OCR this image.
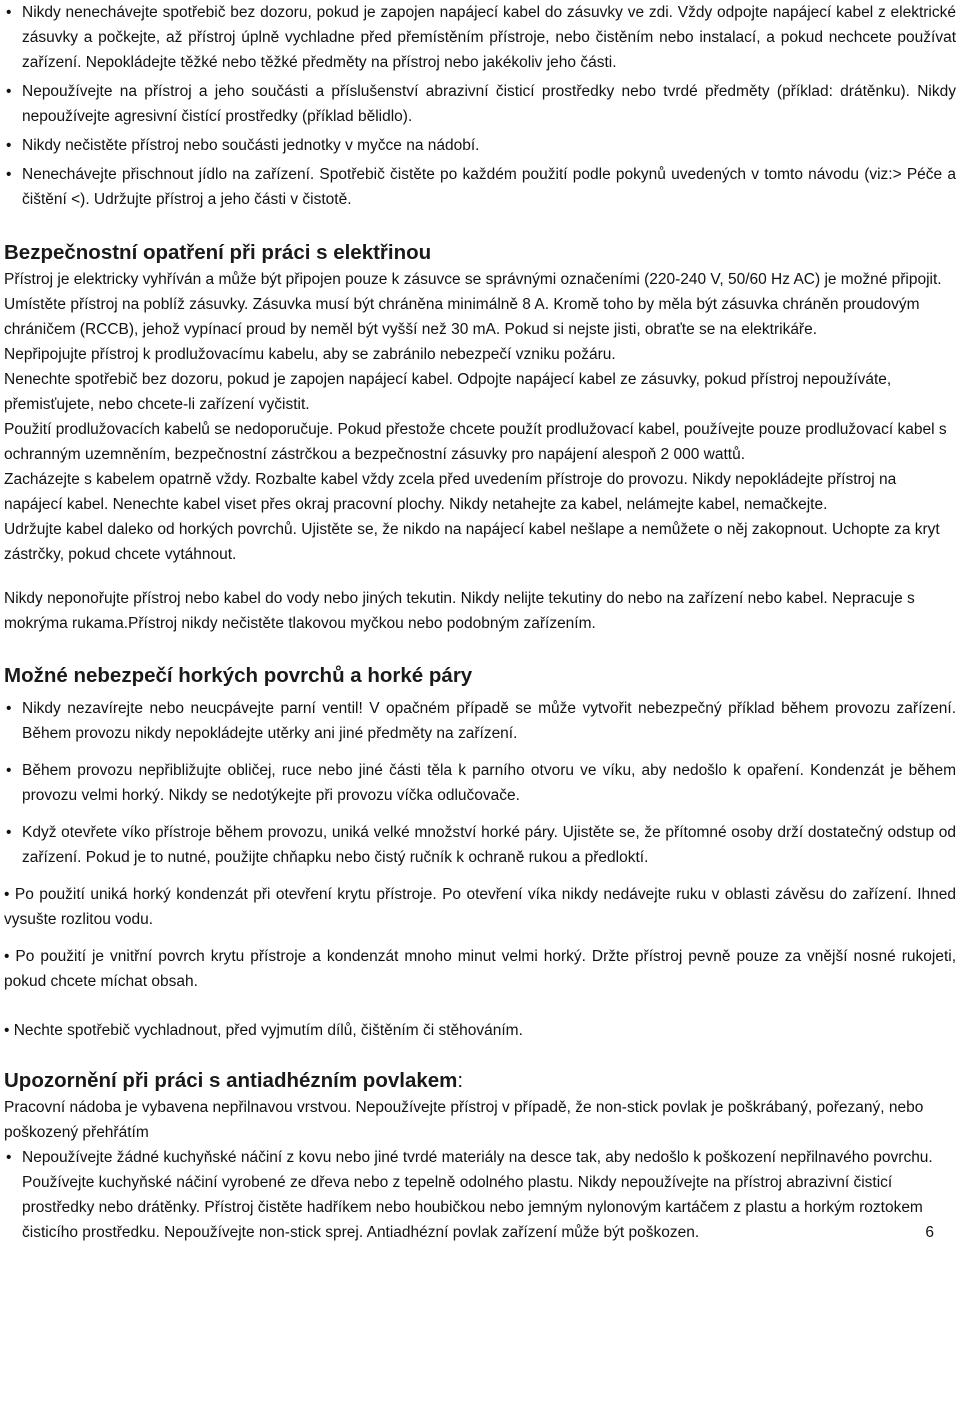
• Nikdy nenechávejte spotřebič bez dozoru, pokud je zapojen napájecí kabel do zásuvky ve zdi. Vždy odpojte napájecí kabel z elektrické zásuvky a počkejte, až přístroj úplně vychladne před přemístěním přístroje, nebo čistěním nebo instalací, a pokud nechcete používat zařízení. Nepokládejte těžké nebo těžké předměty na přístroj nebo jakékoliv jeho části.
• Nepoužívejte na přístroj a jeho součásti a příslušenství abrazivní čisticí prostředky nebo tvrdé předměty (příklad: drátěnku). Nikdy nepoužívejte agresivní čistící prostředky (příklad bělidlo).
• Nikdy nečistěte přístroj nebo součásti jednotky v myčce na nádobí.
• Nenechávejte přischnout jídlo na zařízení. Spotřebič čistěte po každém použití podle pokynů uvedených v tomto návodu (viz:> Péče a čištění <). Udržujte přístroj a jeho části v čistotě.
Bezpečnostní opatření při práci s elektřinou

Přístroj je elektricky vyhříván a může být připojen pouze k zásuvce se správnými označeními (220-240 V, 50/60 Hz AC) je možné připojit. Umístěte přístroj na poblíž zásuvky. Zásuvka musí být chráněna minimálně 8 A. Kromě toho by měla být zásuvka chráněn proudovým chráničem (RCCB), jehož vypínací proud by neměl být vyšší než 30 mA. Pokud si nejste jisti, obraťte se na elektrikáře.

Nepřipojujte přístroj k prodlužovacímu kabelu, aby se zabránilo nebezpečí vzniku požáru.

Nenechte spotřebič bez dozoru, pokud je zapojen napájecí kabel. Odpojte napájecí kabel ze zásuvky, pokud přístroj nepoužíváte, přemisťujete, nebo chcete-li zařízení vyčistit.

Použití prodlužovacích kabelů se nedoporučuje. Pokud přestože chcete použít prodlužovací kabel, používejte pouze prodlužovací kabel s ochranným uzemněním, bezpečnostní zástrčkou a bezpečnostní zásuvky pro napájení alespoň 2 000 wattů.

Zacházejte s kabelem opatrně vždy. Rozbalte kabel vždy zcela před uvedením přístroje do provozu. Nikdy nepokládejte přístroj na napájecí kabel. Nenechte kabel viset přes okraj pracovní plochy. Nikdy netahejte za kabel, nelámejte kabel, nemačkejte.

Udržujte kabel daleko od horkých povrchů. Ujistěte se, že nikdo na napájecí kabel nešlape a nemůžete o něj zakopnout. Uchopte za kryt zástrčky, pokud chcete vytáhnout.

Nikdy neponořujte přístroj nebo kabel do vody nebo jiných tekutin. Nikdy nelijte tekutiny do nebo na zařízení nebo kabel. Nepracuje s mokrýma rukama.Přístroj nikdy nečistěte tlakovou myčkou nebo podobným zařízením.

Možné nebezpečí horkých povrchů a horké páry
• Nikdy nezavírejte nebo neucpávejte parní ventil! V opačném případě se může vytvořit nebezpečný příklad během provozu zařízení. Během provozu nikdy nepokládejte utěrky ani jiné předměty na zařízení.
• Během provozu nepřibližujte obličej, ruce nebo jiné části těla k parního otvoru ve víku, aby nedošlo k opaření. Kondenzát je během provozu velmi horký. Nikdy se nedotýkejte při provozu víčka odlučovače.
• Když otevřete víko přístroje během provozu, uniká velké množství horké páry. Ujistěte se, že přítomné osoby drží dostatečný odstup od zařízení. Pokud je to nutné, použijte chňapku nebo čistý ručník k ochraně rukou a předloktí.
• Po použití uniká horký kondenzát při otevření krytu přístroje. Po otevření víka nikdy nedávejte ruku v oblasti závěsu do zařízení. Ihned vysušte rozlitou vodu.
• Po použití je vnitřní povrch krytu přístroje a kondenzát mnoho minut velmi horký. Držte přístroj pevně pouze za vnější nosné rukojeti, pokud chcete míchat obsah.
• Nechte spotřebič vychladnout, před vyjmutím dílů, čištěním či stěhováním.
Upozornění při práci s antiadhézním povlakem:

Pracovní nádoba je vybavena nepřilnavou vrstvou. Nepoužívejte přístroj v případě, že non-stick povlak je poškrábaný, pořezaný, nebo poškozený přehřátím

• Nepoužívejte žádné kuchyňské náčiní z kovu nebo jiné tvrdé materiály na desce tak, aby nedošlo k poškození nepřilnavého povrchu. Používejte kuchyňské náčiní vyrobené ze dřeva nebo z tepelně odolného plastu. Nikdy nepoužívejte na přístroj abrazivní čisticí prostředky nebo drátěnky. Přístroj čistěte hadříkem nebo houbičkou nebo jemným nylonovým kartáčem z plastu a horkým roztokem čisticího prostředku. Nepoužívejte non-stick sprej. Antiadhézní povlak zařízení může být poškozen.	6
